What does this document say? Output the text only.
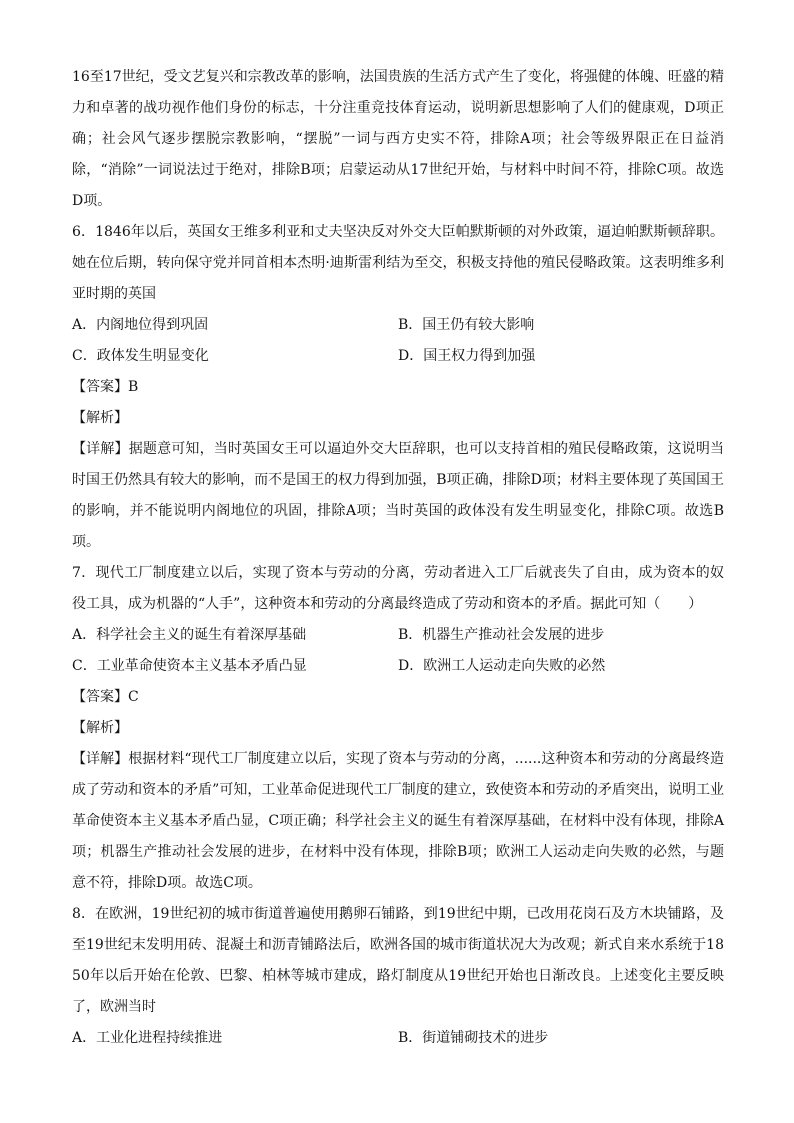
16至17世纪，受文艺复兴和宗教改革的影响，法国贵族的生活方式产生了变化，将强健的体魄、旺盛的精力和卓著的战功视作他们身份的标志，十分注重竞技体育运动，说明新思想影响了人们的健康观，D项正确；社会风气逐步摆脱宗教影响，“摆脱”一词与西方史实不符，排除A项；社会等级界限正在日益消除，“消除”一词说法过于绝对，排除B项；启蒙运动从17世纪开始，与材料中时间不符，排除C项。故选D项。

6．1846年以后，英国女王维多利亚和丈夫坚决反对外交大臣帕默斯顿的对外政策，逼迫帕默斯顿辞职。她在位后期，转向保守党并同首相本杰明·迪斯雷利结为至交，积极支持他的殖民侵略政策。这表明维多利亚时期的英国

A．内阁地位得到巩固	B．国王仍有较大影响
C．政体发生明显变化	D．国王权力得到加强

【答案】B

【解析】

【详解】据题意可知，当时英国女王可以逼迫外交大臣辞职，也可以支持首相的殖民侵略政策，这说明当时国王仍然具有较大的影响，而不是国王的权力得到加强，B项正确，排除D项；材料主要体现了英国国王的影响，并不能说明内阁地位的巩固，排除A项；当时英国的政体没有发生明显变化，排除C项。故选B项。

7．现代工厂制度建立以后，实现了资本与劳动的分离，劳动者进入工厂后就丧失了自由，成为资本的奴役工具，成为机器的“人手”，这种资本和劳动的分离最终造成了劳动和资本的矛盾。据此可知（　　）

A．科学社会主义的诞生有着深厚基础	B．机器生产推动社会发展的进步
C．工业革命使资本主义基本矛盾凸显	D．欧洲工人运动走向失败的必然

【答案】C

【解析】

【详解】根据材料“现代工厂制度建立以后，实现了资本与劳动的分离，......这种资本和劳动的分离最终造成了劳动和资本的矛盾”可知，工业革命促进现代工厂制度的建立，致使资本和劳动的矛盾突出，说明工业革命使资本主义基本矛盾凸显，C项正确；科学社会主义的诞生有着深厚基础，在材料中没有体现，排除A项；机器生产推动社会发展的进步，在材料中没有体现，排除B项；欧洲工人运动走向失败的必然，与题意不符，排除D项。故选C项。

8．在欧洲，19世纪初的城市街道普遍使用鹅卵石铺路，到19世纪中期，已改用花岗石及方木块铺路，及至19世纪末发明用砖、混凝土和沥青铺路法后，欧洲各国的城市街道状况大为改观；新式自来水系统于1850年以后开始在伦敦、巴黎、柏林等城市建成，路灯制度从19世纪开始也日渐改良。上述变化主要反映了，欧洲当时

A．工业化进程持续推进	B．街道铺砌技术的进步
